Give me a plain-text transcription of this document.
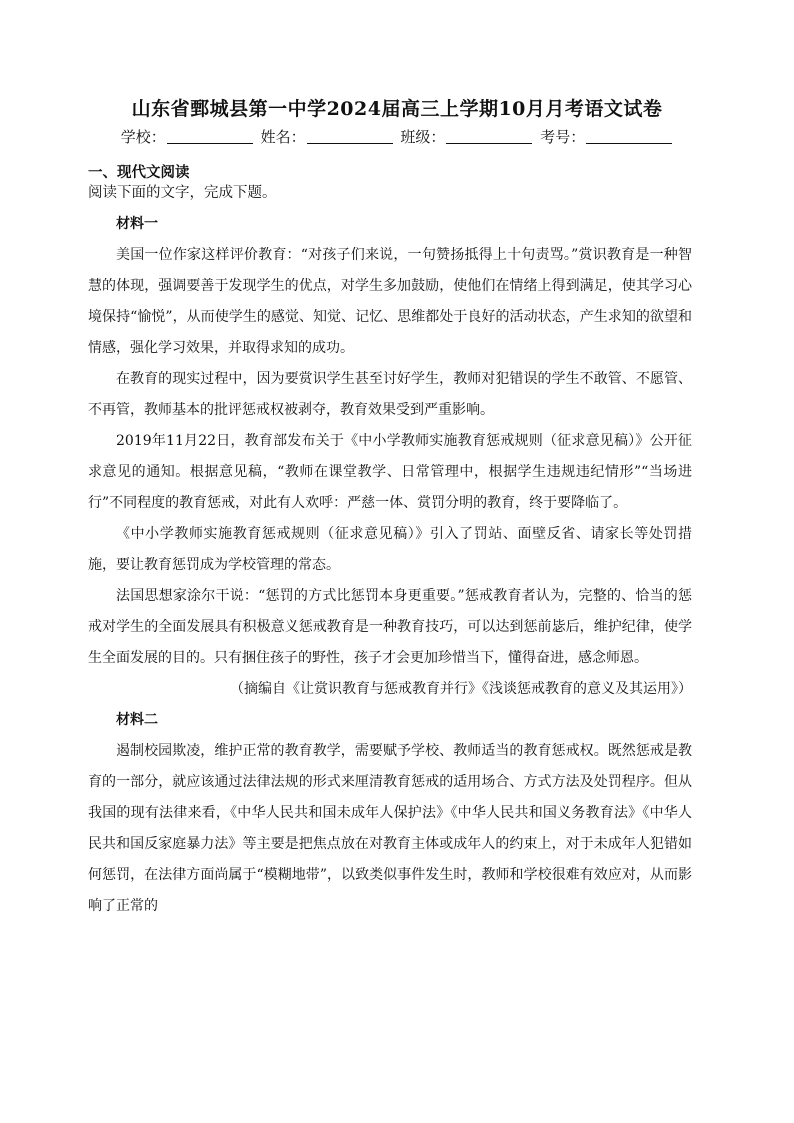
山东省鄄城县第一中学2024届高三上学期10月月考语文试卷
学校：	姓名：	班级：	考号：
一、现代文阅读
阅读下面的文字，完成下题。
材料一
美国一位作家这样评价教育：“对孩子们来说，一句赞扬抵得上十句责骂。”赏识教育是一种智慧的体现，强调要善于发现学生的优点，对学生多加鼓励，使他们在情绪上得到满足，使其学习心境保持“愉悦”，从而使学生的感觉、知觉、记忆、思维都处于良好的活动状态，产生求知的欲望和情感，强化学习效果，并取得求知的成功。
在教育的现实过程中，因为要赏识学生甚至讨好学生，教师对犯错误的学生不敢管、不愿管、不再管，教师基本的批评惩戒权被剥夺，教育效果受到严重影响。
2019年11月22日，教育部发布关于《中小学教师实施教育惩戒规则（征求意见稿）》公开征求意见的通知。根据意见稿，“教师在课堂教学、日常管理中，根据学生违规违纪情形”“当场进行”不同程度的教育惩戒，对此有人欢呼：严慈一体、赏罚分明的教育，终于要降临了。
《中小学教师实施教育惩戒规则（征求意见稿）》引入了罚站、面壁反省、请家长等处罚措施，要让教育惩罚成为学校管理的常态。
法国思想家涂尔干说：“惩罚的方式比惩罚本身更重要。”惩戒教育者认为，完整的、恰当的惩戒对学生的全面发展具有积极意义惩戒教育是一种教育技巧，可以达到惩前毖后，维护纪律，使学生全面发展的目的。只有捆住孩子的野性，孩子才会更加珍惜当下，懂得奋进，感念师恩。
（摘编自《让赏识教育与惩戒教育并行》《浅谈惩戒教育的意义及其运用》）
材料二
遏制校园欺凌，维护正常的教育教学，需要赋予学校、教师适当的教育惩戒权。既然惩戒是教育的一部分，就应该通过法律法规的形式来厘清教育惩戒的适用场合、方式方法及处罚程序。但从我国的现有法律来看，《中华人民共和国未成年人保护法》《中华人民共和国义务教育法》《中华人民共和国反家庭暴力法》等主要是把焦点放在对教育主体或成年人的约束上，对于未成年人犯错如何惩罚，在法律方面尚属于“模糊地带”，以致类似事件发生时，教师和学校很难有效应对，从而影响了正常的
